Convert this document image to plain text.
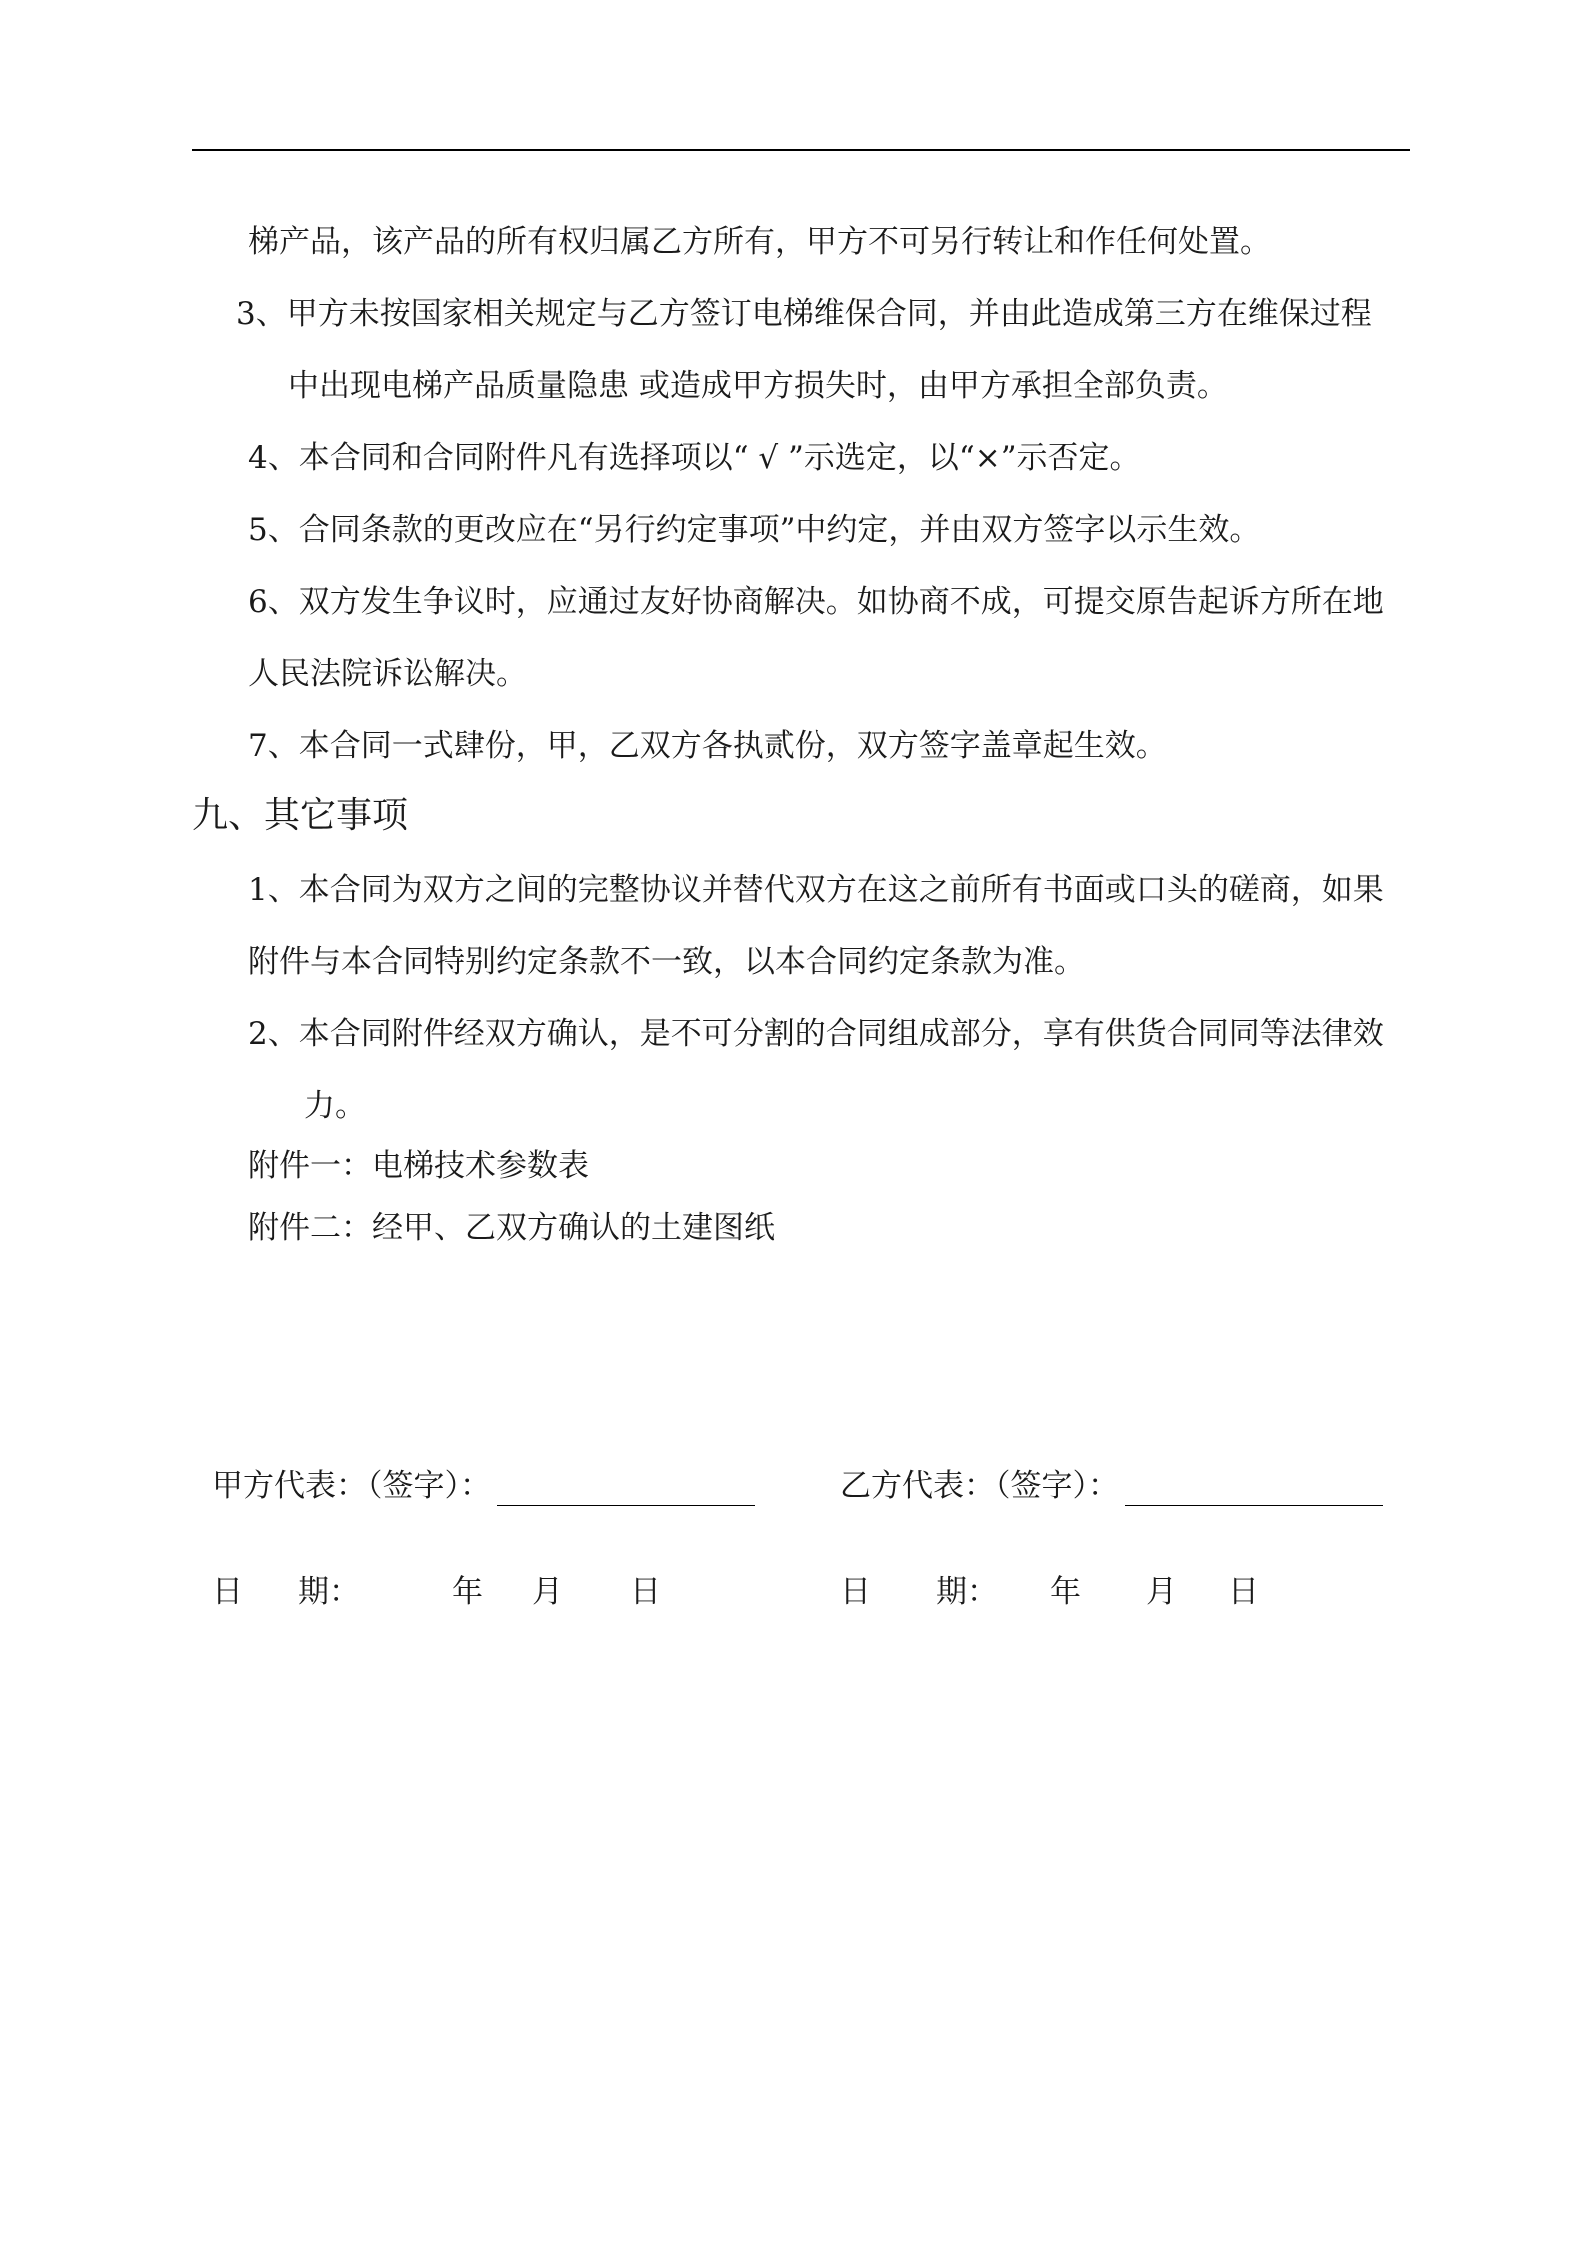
梯产品，该产品的所有权归属乙方所有，甲方不可另行转让和作任何处置。
3、甲方未按国家相关规定与乙方签订电梯维保合同，并由此造成第三方在维保过程
中出现电梯产品质量隐患 或造成甲方损失时，由甲方承担全部负责。
4、本合同和合同附件凡有选择项以“ √ ”示选定，以“×”示否定。
5、合同条款的更改应在“另行约定事项”中约定，并由双方签字以示生效。
6、双方发生争议时，应通过友好协商解决。如协商不成，可提交原告起诉方所在地
人民法院诉讼解决。
7、本合同一式肆份，甲，乙双方各执贰份，双方签字盖章起生效。
九、其它事项
1、本合同为双方之间的完整协议并替代双方在这之前所有书面或口头的磋商，如果
附件与本合同特别约定条款不一致，以本合同约定条款为准。
2、本合同附件经双方确认，是不可分割的合同组成部分，享有供货合同同等法律效
力。
附件一：电梯技术参数表
附件二：经甲、乙双方确认的土建图纸
甲方代表：（签字）：	乙方代表：（签字）：
日 期：	年 月 日	日 期： 年 月 日
